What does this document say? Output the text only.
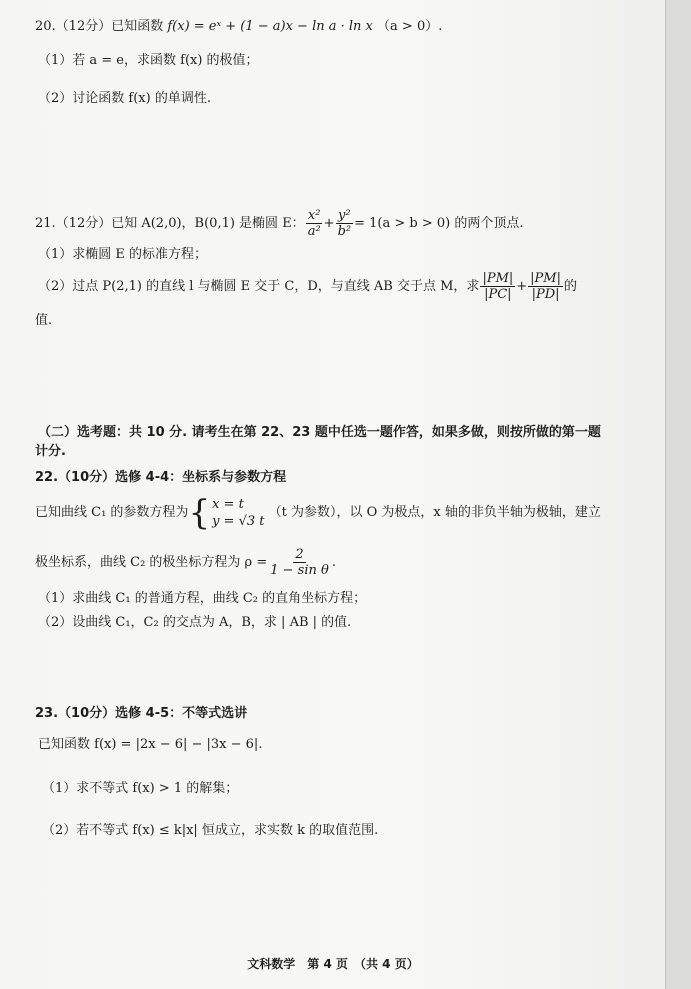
20.（12分）已知函数 f(x) = eˣ + (1 − a)x − ln a · ln x （a > 0）.
（1）若 a = e，求函数 f(x) 的极值；
（2）讨论函数 f(x) 的单调性.
21.（12分）已知 A(2,0)，B(0,1) 是椭圆 E： $\frac{\text{x²}}{\text{a²}} + \frac{\text{y²}}{\text{b²}} = 1(a > b > 0)$ 的两个顶点.
（1）求椭圆 E 的标准方程；
（2）过点 P(2,1) 的直线 l 与椭圆 E 交于 C，D，与直线 AB 交于点 M，求 $\frac{|PM|}{|PC|} + \frac{|PM|}{|PD|}$ 的
值.
（二）选考题：共 10 分. 请考生在第 22、23 题中任选一题作答，如果多做，则按所做的第一题
计分.
22.（10分）选修 4-4：坐标系与参数方程
已知曲线 C₁ 的参数方程为{ x = t
y = √3 t
（t 为参数），以 O 为极点，x 轴的非负半轴为极轴，建立
极坐标系，曲线 C₂ 的极坐标方程为 $\rho = \frac{2}{\text{1 − sin θ}}$ .
（1）求曲线 C₁ 的普通方程，曲线 C₂ 的直角坐标方程；
（2）设曲线 C₁，C₂ 的交点为 A，B，求 | AB | 的值.
23.（10分）选修 4-5：不等式选讲
已知函数 f(x) = |2x − 6| − |3x − 6|.
（1）求不等式 f(x) > 1 的解集；
（2）若不等式 f(x) ≤ k|x| 恒成立，求实数 k 的取值范围.
文科数学　第 4 页　（共 4 页）
